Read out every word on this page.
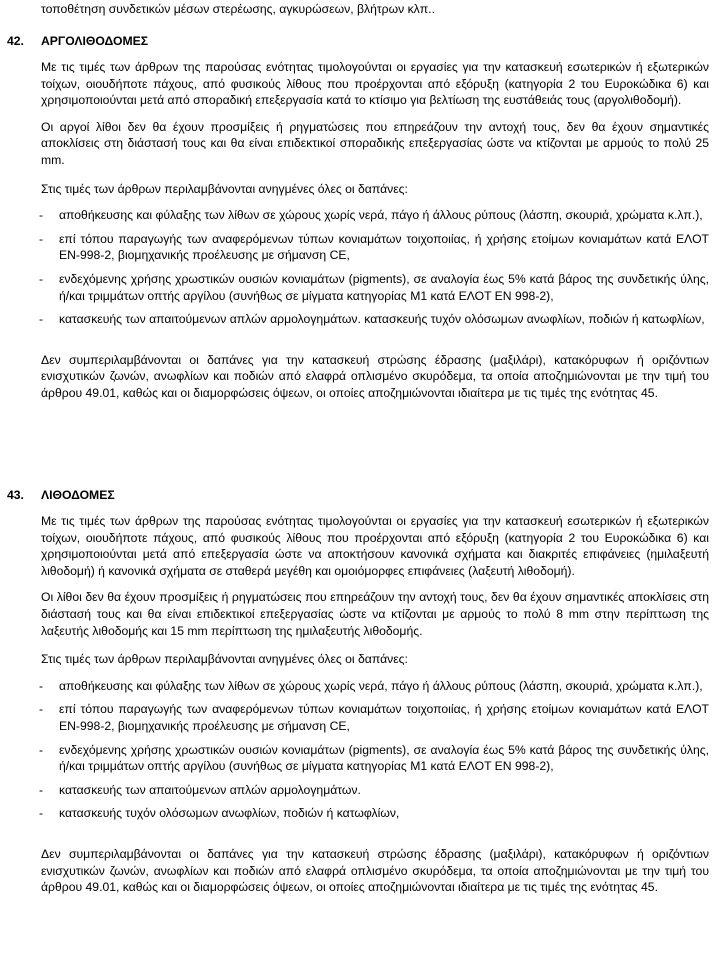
τοποθέτηση συνδετικών μέσων στερέωσης, αγκυρώσεων, βλήτρων κλπ..

42. ΑΡΓΟΛΙΘΟΔΟΜΕΣ

Με τις τιμές των άρθρων της παρούσας ενότητας τιμολογούνται οι εργασίες για την κατασκευή εσωτερικών ή εξωτερικών τοίχων, οιουδήποτε πάχους, από φυσικούς λίθους που προέρχονται από εξόρυξη (κατηγορία 2 του Ευροκώδικα 6) και χρησιμοποιούνται μετά από σποραδική επεξεργασία κατά το κτίσιμο για βελτίωση της ευστάθειάς τους (αργολιθοδομή).

Οι αργοί λίθοι δεν θα έχουν προσμίξεις ή ρηγματώσεις που επηρεάζουν την αντοχή τους, δεν θα έχουν σημαντικές αποκλίσεις στη διάστασή τους και θα είναι επιδεκτικοί σποραδικής επεξεργασίας ώστε να κτίζονται με αρμούς το πολύ 25 mm.

Στις τιμές των άρθρων περιλαμβάνονται ανηγμένες όλες οι δαπάνες:

- αποθήκευσης και φύλαξης των λίθων σε χώρους χωρίς νερά, πάγο ή άλλους ρύπους (λάσπη, σκουριά, χρώματα κ.λπ.),
- επί τόπου παραγωγής των αναφερόμενων τύπων κονιαμάτων τοιχοποιίας, ή χρήσης ετοίμων κονιαμάτων κατά ΕΛΟΤ ΕΝ-998-2, βιομηχανικής προέλευσης με σήμανση CE,
- ενδεχόμενης χρήσης χρωστικών ουσιών κονιαμάτων (pigments), σε αναλογία έως 5% κατά βάρος της συνδετικής ύλης, ή/και τριμμάτων οπτής αργίλου (συνήθως σε μίγματα κατηγορίας Μ1 κατά ΕΛΟΤ ΕΝ 998-2),
- κατασκευής των απαιτούμενων απλών αρμολογημάτων. κατασκευής τυχόν ολόσωμων ανωφλίων, ποδιών ή κατωφλίων,

Δεν συμπεριλαμβάνονται οι δαπάνες για την κατασκευή στρώσης έδρασης (μαξιλάρι), κατακόρυφων ή οριζόντιων ενισχυτικών ζωνών, ανωφλίων και ποδιών από ελαφρά οπλισμένο σκυρόδεμα, τα οποία αποζημιώνονται με την τιμή του άρθρου 49.01, καθώς και οι διαμορφώσεις όψεων, οι οποίες αποζημιώνονται ιδιαίτερα με τις τιμές της ενότητας 45.

43. ΛΙΘΟΔΟΜΕΣ

Με τις τιμές των άρθρων της παρούσας ενότητας τιμολογούνται οι εργασίες για την κατασκευή εσωτερικών ή εξωτερικών τοίχων, οιουδήποτε πάχους, από φυσικούς λίθους που προέρχονται από εξόρυξη (κατηγορία 2 του Ευροκώδικα 6) και χρησιμοποιούνται μετά από επεξεργασία ώστε να αποκτήσουν κανονικά σχήματα και διακριτές επιφάνειες (ημιλαξευτή λιθοδομή) ή κανονικά σχήματα σε σταθερά μεγέθη και ομοιόμορφες επιφάνειες (λαξευτή λιθοδομή).

Οι λίθοι δεν θα έχουν προσμίξεις ή ρηγματώσεις που επηρεάζουν την αντοχή τους, δεν θα έχουν σημαντικές αποκλίσεις στη διάστασή τους και θα είναι επιδεκτικοί επεξεργασίας ώστε να κτίζονται με αρμούς το πολύ 8 mm στην περίπτωση της λαξευτής λιθοδομής και 15 mm περίπτωση της ημιλαξευτής λιθοδομής.

Στις τιμές των άρθρων περιλαμβάνονται ανηγμένες όλες οι δαπάνες:

- αποθήκευσης και φύλαξης των λίθων σε χώρους χωρίς νερά, πάγο ή άλλους ρύπους (λάσπη, σκουριά, χρώματα κ.λπ.),
- επί τόπου παραγωγής των αναφερόμενων τύπων κονιαμάτων τοιχοποιίας, ή χρήσης ετοίμων κονιαμάτων κατά ΕΛΟΤ ΕΝ-998-2, βιομηχανικής προέλευσης με σήμανση CE,
- ενδεχόμενης χρήσης χρωστικών ουσιών κονιαμάτων (pigments), σε αναλογία έως 5% κατά βάρος της συνδετικής ύλης, ή/και τριμμάτων οπτής αργίλου (συνήθως σε μίγματα κατηγορίας Μ1 κατά ΕΛΟΤ ΕΝ 998-2),
- κατασκευής των απαιτούμενων απλών αρμολογημάτων.
- κατασκευής τυχόν ολόσωμων ανωφλίων, ποδιών ή κατωφλίων,

Δεν συμπεριλαμβάνονται οι δαπάνες για την κατασκευή στρώσης έδρασης (μαξιλάρι), κατακόρυφων ή οριζόντιων ενισχυτικών ζωνών, ανωφλίων και ποδιών από ελαφρά οπλισμένο σκυρόδεμα, τα οποία αποζημιώνονται με την τιμή του άρθρου 49.01, καθώς και οι διαμορφώσεις όψεων, οι οποίες αποζημιώνονται ιδιαίτερα με τις τιμές της ενότητας 45.
